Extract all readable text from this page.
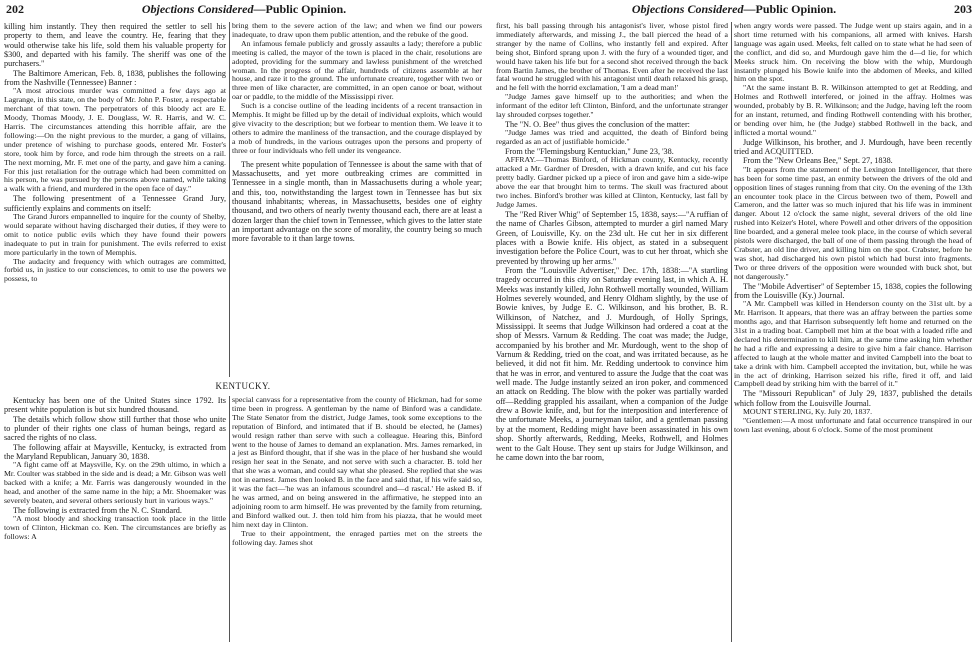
202	Objections Considered—Public Opinion.

killing him instantly. They then required the settler to sell his property to them, and leave the country. He, fearing that they would otherwise take his life, sold them his valuable property for $300, and departed with his family. The sheriff was one of the purchasers."

The Baltimore American, Feb. 8, 1838, publishes the following from the Nashville (Tennessee) Banner :

"A most atrocious murder was committed a few days ago at Lagrange, in this state, on the body of Mr. John P. Foster, a respectable merchant of that town. The perpetrators of this bloody act are E. Moody, Thomas Moody, J. E. Douglass, W. R. Harris, and W. C. Harris. The circumstances attending this horrible affair, are the following:—On the night previous to the murder, a gang of villains, under pretence of wishing to purchase goods, entered Mr. Foster's store, took him by force, and rode him through the streets on a rail. The next morning, Mr. F. met one of the party, and gave him a caning. For this just retaliation for the outrage which had been committed on his person, he was pursued by the persons above named, while taking a walk with a friend, and murdered in the open face of day."

The following presentment of a Tennessee Grand Jury, sufficiently explains and comments on itself:

The Grand Jurors empannelled to inquire for the county of Shelby, would separate without having discharged their duties, if they were to omit to notice public evils which they have found their powers inadequate to put in train for punishment. The evils referred to exist more particularly in the town of Memphis.

The audacity and frequency with which outrages are committed, forbid us, in justice to our consciences, to omit to use the powers we possess, to

bring them to the severe action of the law; and when we find our powers inadequate, to draw upon them public attention, and the rebuke of the good.

An infamous female publicly and grossly assaults a lady; therefore a public meeting is called, the mayor of the town is placed in the chair, resolutions are adopted, providing for the summary and lawless punishment of the wretched woman. In the progress of the affair, hundreds of citizens assemble at her house, and raze it to the ground. The unfortunate creature, together with two or three men of like character, are committed, in an open canoe or boat, without oar or paddle, to the middle of the Mississippi river.

Such is a concise outline of the leading incidents of a recent transaction in Memphis. It might be filled up by the detail of individual exploits, which would give vivacity to the description; but we forbear to mention them. We leave it to others to admire the manliness of the transaction, and the courage displayed by a mob of hundreds, in the various outrages upon the persons and property of three or four individuals who fell under its vengeance.

The present white population of Tennessee is about the same with that of Massachusetts, and yet more outbreaking crimes are committed in Tennessee in a single month, than in Massachusetts during a whole year; and this, too, notwithstanding the largest town in Tennessee has but six thousand inhabitants; whereas, in Massachusetts, besides one of eighty thousand, and two others of nearly twenty thousand each, there are at least a dozen larger than the chief town in Tennessee, which gives to the latter state an important advantage on the score of morality, the country being so much more favorable to it than large towns.

KENTUCKY.

Kentucky has been one of the United States since 1792. Its present white population is but six hundred thousand.

The details which follow show still further that those who unite to plunder of their rights one class of human beings, regard as sacred the rights of no class.

The following affair at Maysville, Kentucky, is extracted from the Maryland Republican, January 30, 1838.

"A fight came off at Maysville, Ky. on the 29th ultimo, in which a Mr. Coulter was stabbed in the side and is dead; a Mr. Gibson was well backed with a knife; a Mr. Farris was dangerously wounded in the head, and another of the same name in the hip; a Mr. Shoemaker was severely beaten, and several others seriously hurt in various ways."

The following is extracted from the N. C. Standard.

"A most bloody and shocking transaction took place in the little town of Clinton, Hickman co. Ken. The circumstances are briefly as follows: A

special canvass for a representative from the county of Hickman, had for some time been in progress. A gentleman by the name of Binford was a candidate. The State Senator from the district, Judge James, took some exceptions to the reputation of Binford, and intimated that if B. should be elected, he (James) would resign rather than serve with such a colleague. Hearing this, Binford went to the house of James to demand an explanation. Mrs. James remarked, in a jest as Binford thought, that if she was in the place of her husband she would resign her seat in the Senate, and not serve with such a character. B. told her that she was a woman, and could say what she pleased. She replied that she was not in earnest. James then looked B. in the face and said that, if his wife said so, it was the fact—'he was an infamous scoundrel and—d rascal.' He asked B. if he was armed, and on being answered in the affirmative, he stepped into an adjoining room to arm himself. He was prevented by the family from returning, and Binford walked out. J. then told him from his piazza, that he would meet him next day in Clinton.

True to their appointment, the enraged parties met on the streets the following day. James shot

Objections Considered—Public Opinion.	203

first, his ball passing through his antagonist's liver, whose pistol fired immediately afterwards, and missing J., the ball pierced the head of a stranger by the name of Collins, who instantly fell and expired. After being shot, Binford sprang upon J. with the fury of a wounded tiger, and would have taken his life but for a second shot received through the back from Bartin James, the brother of Thomas. Even after he received the last fatal wound he struggled with his antagonist until death relaxed his grasp, and he fell with the horrid exclamation, 'I am a dead man!'

"Judge James gave himself up to the authorities; and when the informant of the editor left Clinton, Binford, and the unfortunate stranger lay shrouded corpses together."

The "N. O. Bee" thus gives the conclusion of the matter:

"Judge James was tried and acquitted, the death of Binford being regarded as an act of justifiable homicide."

From the "Flemingsburg Kentuckian," June 23, '38.

AFFRAY.—Thomas Binford, of Hickman county, Kentucky, recently attacked a Mr. Gardner of Dresden, with a drawn knife, and cut his face pretty badly. Gardner picked up a piece of iron and gave him a side-wipe above the ear that brought him to terms. The skull was fractured about two inches. Binford's brother was killed at Clinton, Kentucky, last fall by Judge James.

The "Red River Whig" of September 15, 1838, says:—"A ruffian of the name of Charles Gibson, attempted to murder a girl named Mary Green, of Louisville, Ky. on the 23d ult. He cut her in six different places with a Bowie knife. His object, as stated in a subsequent investigation before the Police Court, was to cut her throat, which she prevented by throwing up her arms."

From the "Louisville Advertiser," Dec. 17th, 1838:—"A startling tragedy occurred in this city on Saturday evening last, in which A. H. Meeks was instantly killed, John Rothwell mortally wounded, William Holmes severely wounded, and Henry Oldham slightly, by the use of Bowie knives, by Judge E. C. Wilkinson, and his brother, B. R. Wilkinson, of Natchez, and J. Murdough, of Holly Springs, Mississippi. It seems that Judge Wilkinson had ordered a coat at the shop of Messrs. Varnum & Redding. The coat was made; the Judge, accompanied by his brother and Mr. Murdough, went to the shop of Varnum & Redding, tried on the coat, and was irritated because, as he believed, it did not fit him. Mr. Redding undertook to convince him that he was in error, and ventured to assure the Judge that the coat was well made. The Judge instantly seized an iron poker, and commenced an attack on Redding. The blow with the poker was partially warded off—Redding grappled his assailant, when a companion of the Judge drew a Bowie knife, and, but for the interposition and interference of the unfortunate Meeks, a journeyman tailor, and a gentleman passing by at the moment, Redding might have been assassinated in his own shop. Shortly afterwards, Redding, Meeks, Rothwell, and Holmes went to the Galt House. They sent up stairs for Judge Wilkinson, and he came down into the bar room,

when angry words were passed. The Judge went up stairs again, and in a short time returned with his companions, all armed with knives. Harsh language was again used. Meeks, felt called on to state what he had seen of the conflict, and did so, and Murdough gave him the d—d lie, for which Meeks struck him. On receiving the blow with the whip, Murdough instantly plunged his Bowie knife into the abdomen of Meeks, and killed him on the spot.

"At the same instant B. R. Wilkinson attempted to get at Redding, and Holmes and Rothwell interfered, or joined in the affray. Holmes was wounded, probably by B. R. Wilkinson; and the Judge, having left the room for an instant, returned, and finding Rothwell contending with his brother, or bending over him, he (the Judge) stabbed Rothwell in the back, and inflicted a mortal wound."

Judge Wilkinson, his brother, and J. Murdough, have been recently tried and ACQUITTED.

From the "New Orleans Bee," Sept. 27, 1838.

"It appears from the statement of the Lexington Intelligencer, that there has been for some time past, an enmity between the drivers of the old and opposition lines of stages running from that city. On the evening of the 13th an encounter took place in the Circus between two of them, Powell and Cameron, and the latter was so much injured that his life was in imminent danger. About 12 o'clock the same night, several drivers of the old line rushed into Keizer's Hotel, where Powell and other drivers of the opposition line boarded, and a general melee took place, in the course of which several pistols were discharged, the ball of one of them passing through the head of Crabster, an old line driver, and killing him on the spot. Crabster, before he was shot, had discharged his own pistol which had burst into fragments. Two or three drivers of the opposition were wounded with buck shot, but not dangerously."

The "Mobile Advertiser" of September 15, 1838, copies the following from the Louisville (Ky.) Journal.

"A Mr. Campbell was killed in Henderson county on the 31st ult. by a Mr. Harrison. It appears, that there was an affray between the parties some months ago, and that Harrison subsequently left home and returned on the 31st in a trading boat. Campbell met him at the boat with a loaded rifle and declared his determination to kill him, at the same time asking him whether he had a rifle and expressing a desire to give him a fair chance. Harrison affected to laugh at the whole matter and invited Campbell into the boat to take a drink with him. Campbell accepted the invitation, but, while he was in the act of drinking, Harrison seized his rifle, fired it off, and laid Campbell dead by striking him with the barrel of it."

The "Missouri Republican" of July 29, 1837, published the details which follow from the Louisville Journal.

MOUNT STERLING, Ky. July 20, 1837.

"Gentlemen:—A most unfortunate and fatal occurrence transpired in our town last evening, about 6 o'clock. Some of the most prominent
